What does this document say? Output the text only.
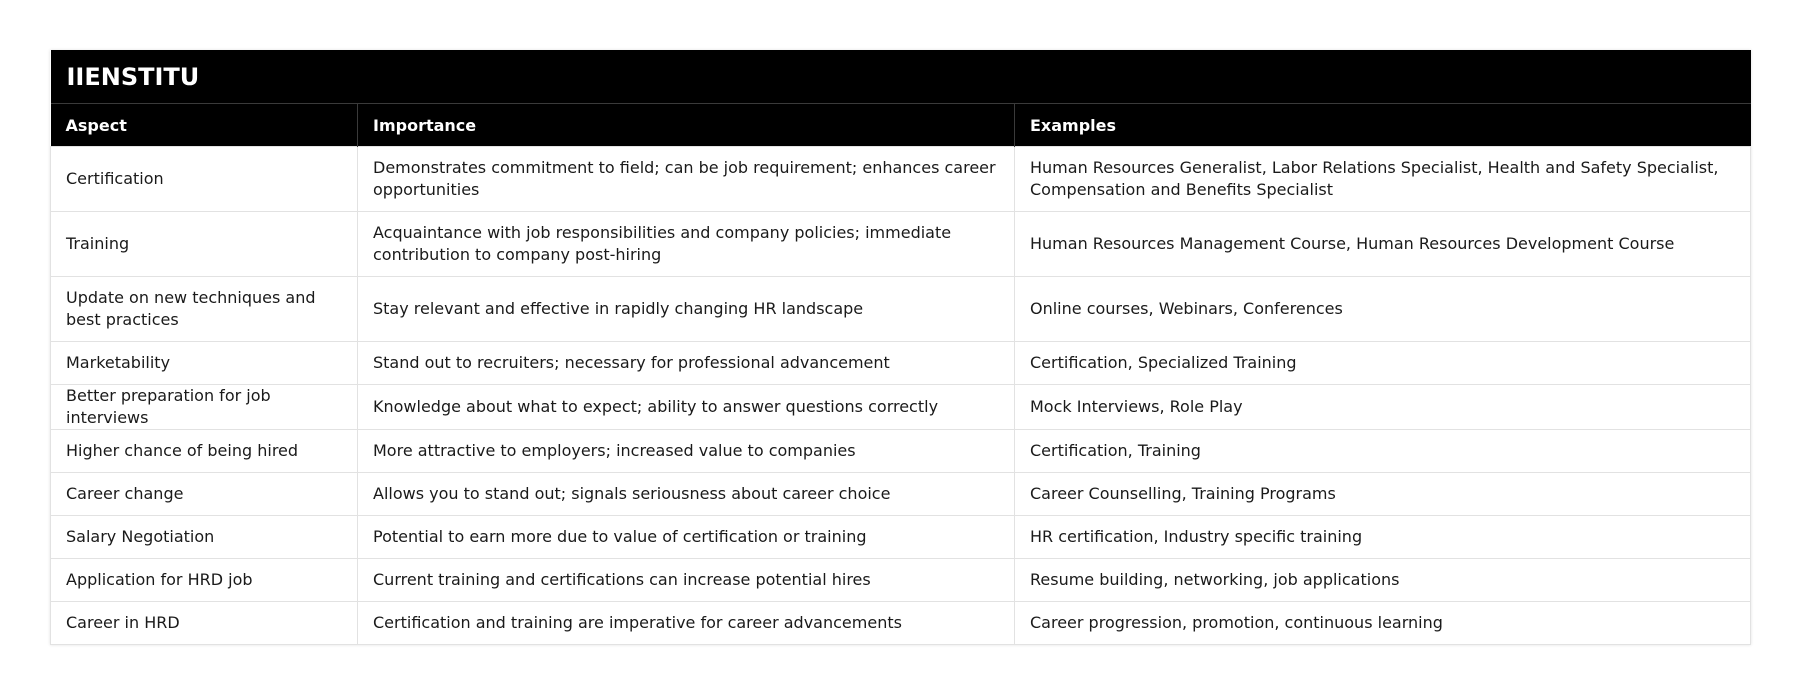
IIENSTITU		
Aspect	Importance	Examples
Certification	Demonstrates commitment to field; can be job requirement; enhances career opportunities	Human Resources Generalist, Labor Relations Specialist, Health and Safety Specialist, Compensation and Benefits Specialist
Training	Acquaintance with job responsibilities and company policies; immediate contribution to company post-hiring	Human Resources Management Course, Human Resources Development Course
Update on new techniques and best practices	Stay relevant and effective in rapidly changing HR landscape	Online courses, Webinars, Conferences
Marketability	Stand out to recruiters; necessary for professional advancement	Certification, Specialized Training
Better preparation for job interviews	Knowledge about what to expect; ability to answer questions correctly	Mock Interviews, Role Play
Higher chance of being hired	More attractive to employers; increased value to companies	Certification, Training
Career change	Allows you to stand out; signals seriousness about career choice	Career Counselling, Training Programs
Salary Negotiation	Potential to earn more due to value of certification or training	HR certification, Industry specific training
Application for HRD job	Current training and certifications can increase potential hires	Resume building, networking, job applications
Career in HRD	Certification and training are imperative for career advancements	Career progression, promotion, continuous learning
